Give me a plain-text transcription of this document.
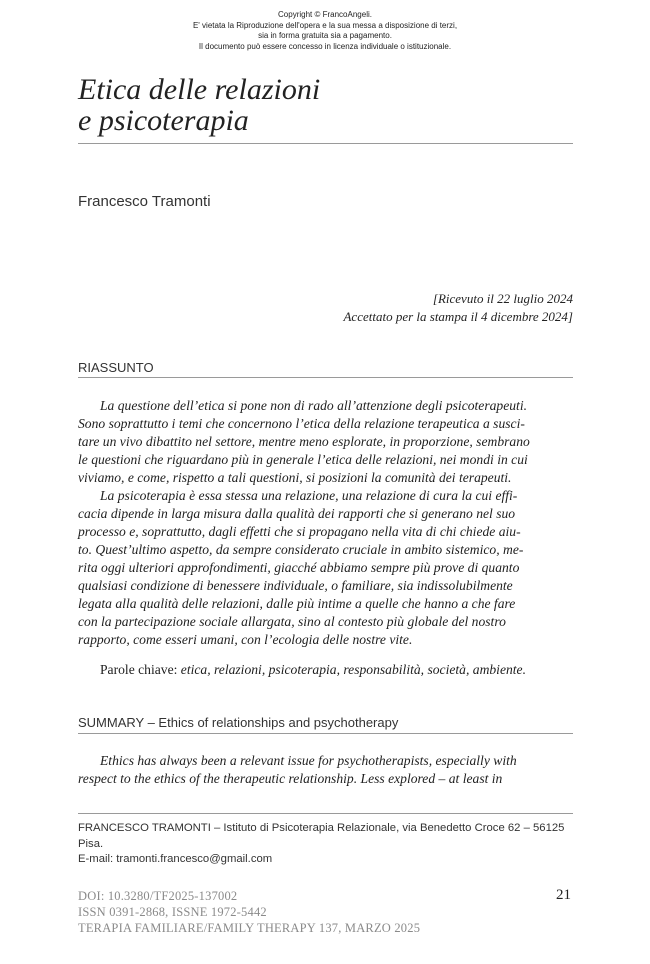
Copyright © FrancoAngeli.
E' vietata la Riproduzione dell'opera e la sua messa a disposizione di terzi,
sia in forma gratuita sia a pagamento.
Il documento può essere concesso in licenza individuale o istituzionale.
Etica delle relazioni
e psicoterapia
Francesco Tramonti
[Ricevuto il 22 luglio 2024
Accettato per la stampa il 4 dicembre 2024]
RIASSUNTO
La questione dell’etica si pone non di rado all’attenzione degli psicoterapeuti.
Sono soprattutto i temi che concernono l’etica della relazione terapeutica a susci-
tare un vivo dibattito nel settore, mentre meno esplorate, in proporzione, sembrano
le questioni che riguardano più in generale l’etica delle relazioni, nei mondi in cui
viviamo, e come, rispetto a tali questioni, si posizioni la comunità dei terapeuti.
La psicoterapia è essa stessa una relazione, una relazione di cura la cui effi-
cacia dipende in larga misura dalla qualità dei rapporti che si generano nel suo
processo e, soprattutto, dagli effetti che si propagano nella vita di chi chiede aiu-
to. Quest’ultimo aspetto, da sempre considerato cruciale in ambito sistemico, me-
rita oggi ulteriori approfondimenti, giacché abbiamo sempre più prove di quanto
qualsiasi condizione di benessere individuale, o familiare, sia indissolubilmente
legata alla qualità delle relazioni, dalle più intime a quelle che hanno a che fare
con la partecipazione sociale allargata, sino al contesto più globale del nostro
rapporto, come esseri umani, con l’ecologia delle nostre vite.
Parole chiave: etica, relazioni, psicoterapia, responsabilità, società, ambiente.
SUMMARY – Ethics of relationships and psychotherapy
Ethics has always been a relevant issue for psychotherapists, especially with
respect to the ethics of the therapeutic relationship. Less explored – at least in
FRANCESCO TRAMONTI – Istituto di Psicoterapia Relazionale, via Benedetto Croce 62 – 56125
Pisa.
E-mail: tramonti.francesco@gmail.com
DOI: 10.3280/TF2025-137002
ISSN 0391-2868, ISSNE 1972-5442
TERAPIA FAMILIARE/FAMILY THERAPY 137, MARZO 2025
21
